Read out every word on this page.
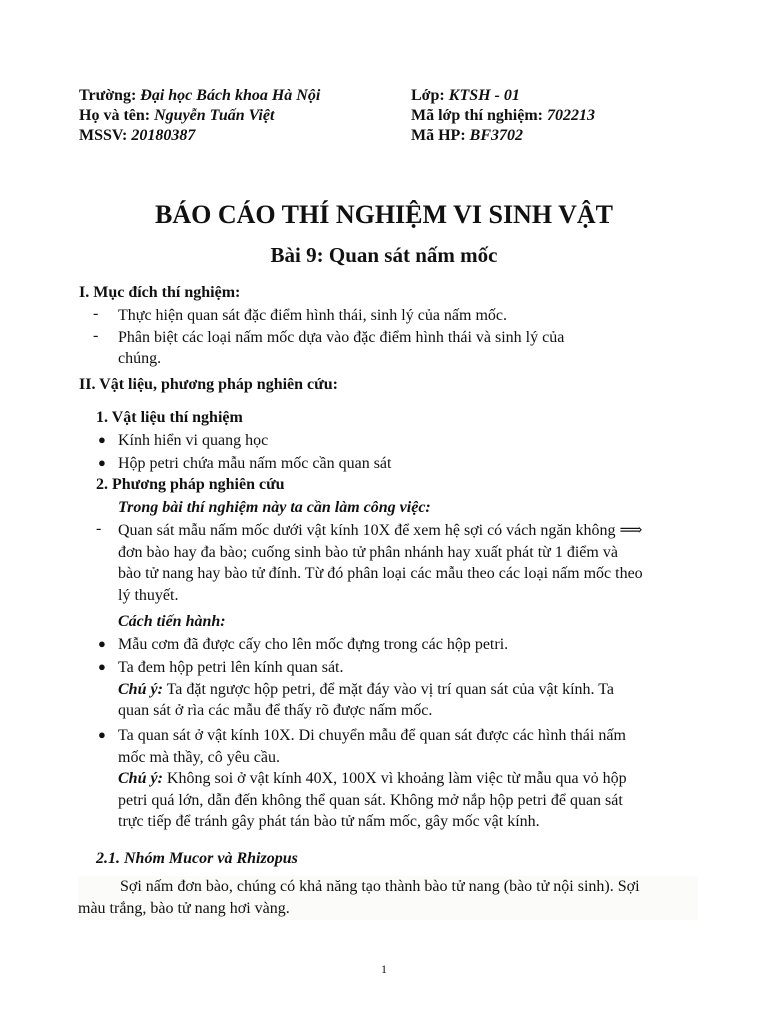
Trường: Đại học Bách khoa Hà Nội
Họ và tên: Nguyễn Tuấn Việt
MSSV: 20180387
Lớp: KTSH - 01
Mã lớp thí nghiệm: 702213
Mã HP: BF3702
BÁO CÁO THÍ NGHIỆM VI SINH VẬT
Bài 9: Quan sát nấm mốc
I. Mục đích thí nghiệm:
- Thực hiện quan sát đặc điểm hình thái, sinh lý của nấm mốc.
- Phân biệt các loại nấm mốc dựa vào đặc điểm hình thái và sinh lý của
chúng.
II. Vật liệu, phương pháp nghiên cứu:
1. Vật liệu thí nghiệm
● Kính hiển vi quang học
● Hộp petri chứa mẫu nấm mốc cần quan sát
2. Phương pháp nghiên cứu
Trong bài thí nghiệm này ta cần làm công việc:
- Quan sát mẫu nấm mốc dưới vật kính 10X để xem hệ sợi có vách ngăn không ⟹
đơn bào hay đa bào; cuống sinh bào tử phân nhánh hay xuất phát từ 1 điểm và
bào tử nang hay bào tử đính. Từ đó phân loại các mẫu theo các loại nấm mốc theo
lý thuyết.
Cách tiến hành:
● Mẫu cơm đã được cấy cho lên mốc đựng trong các hộp petri.
● Ta đem hộp petri lên kính quan sát.
Chú ý: Ta đặt ngược hộp petri, để mặt đáy vào vị trí quan sát của vật kính. Ta
quan sát ở rìa các mẫu để thấy rõ được nấm mốc.
● Ta quan sát ở vật kính 10X. Di chuyển mẫu để quan sát được các hình thái nấm
mốc mà thầy, cô yêu cầu.
Chú ý: Không soi ở vật kính 40X, 100X vì khoảng làm việc từ mẫu qua vỏ hộp
petri quá lớn, dẫn đến không thể quan sát. Không mở nắp hộp petri để quan sát
trực tiếp để tránh gây phát tán bào tử nấm mốc, gây mốc vật kính.
2.1. Nhóm Mucor và Rhizopus
Sợi nấm đơn bào, chúng có khả năng tạo thành bào tử nang (bào tử nội sinh). Sợi
màu trắng, bào tử nang hơi vàng.
1
